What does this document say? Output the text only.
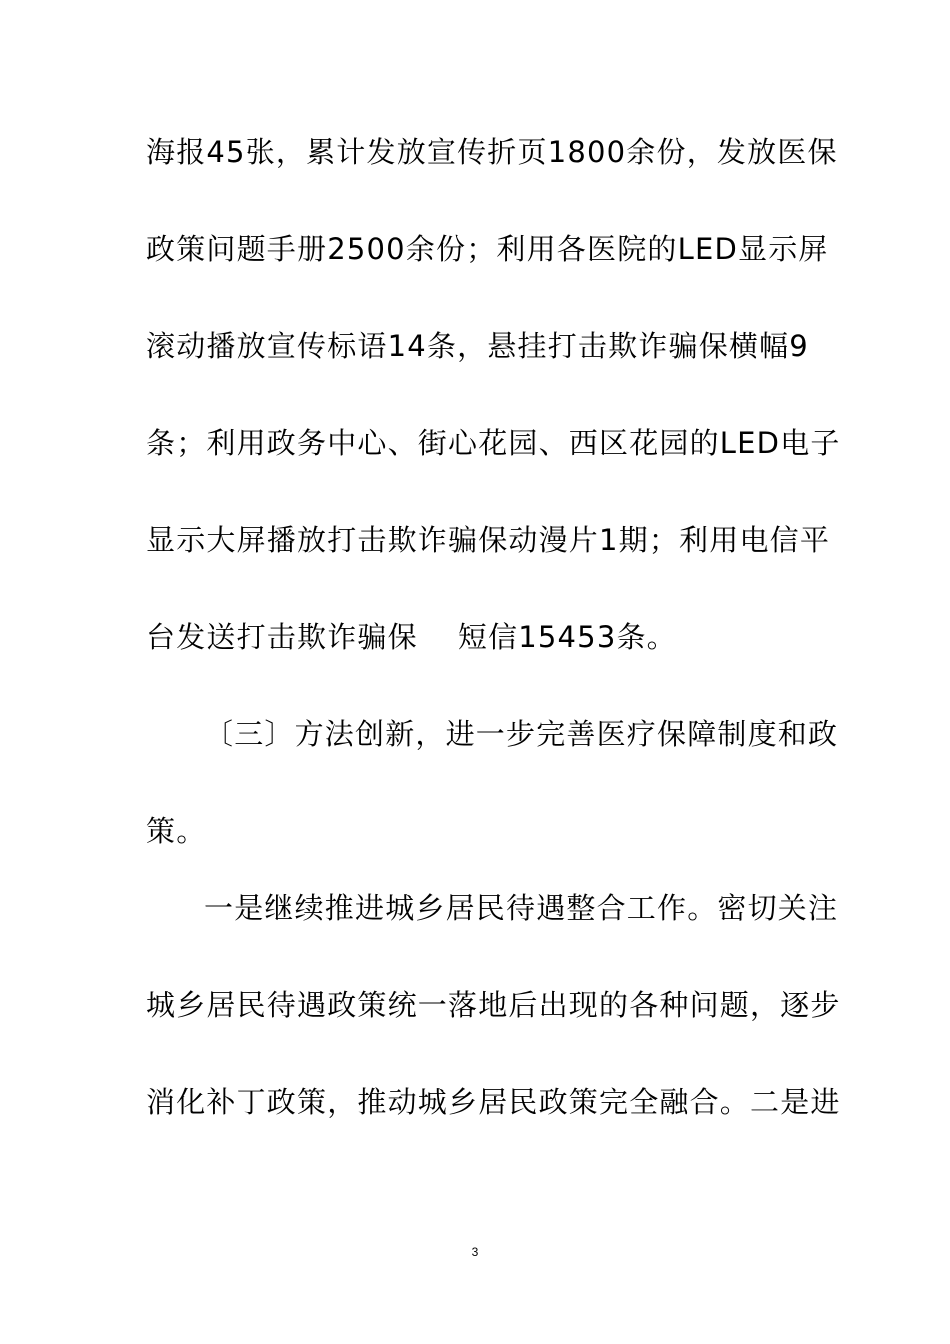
海报45张，累计发放宣传折页1800余份，发放医保
政策问题手册2500余份；利用各医院的LED显示屏
滚动播放宣传标语14条，悬挂打击欺诈骗保横幅9
条；利用政务中心、街心花园、西区花园的LED电子
显示大屏播放打击欺诈骗保动漫片1期；利用电信平
台发送打击欺诈骗保 短信15453条。
〔三〕方法创新，进一步完善医疗保障制度和政
策。
一是继续推进城乡居民待遇整合工作。密切关注
城乡居民待遇政策统一落地后出现的各种问题，逐步
消化补丁政策，推动城乡居民政策完全融合。二是进
3
